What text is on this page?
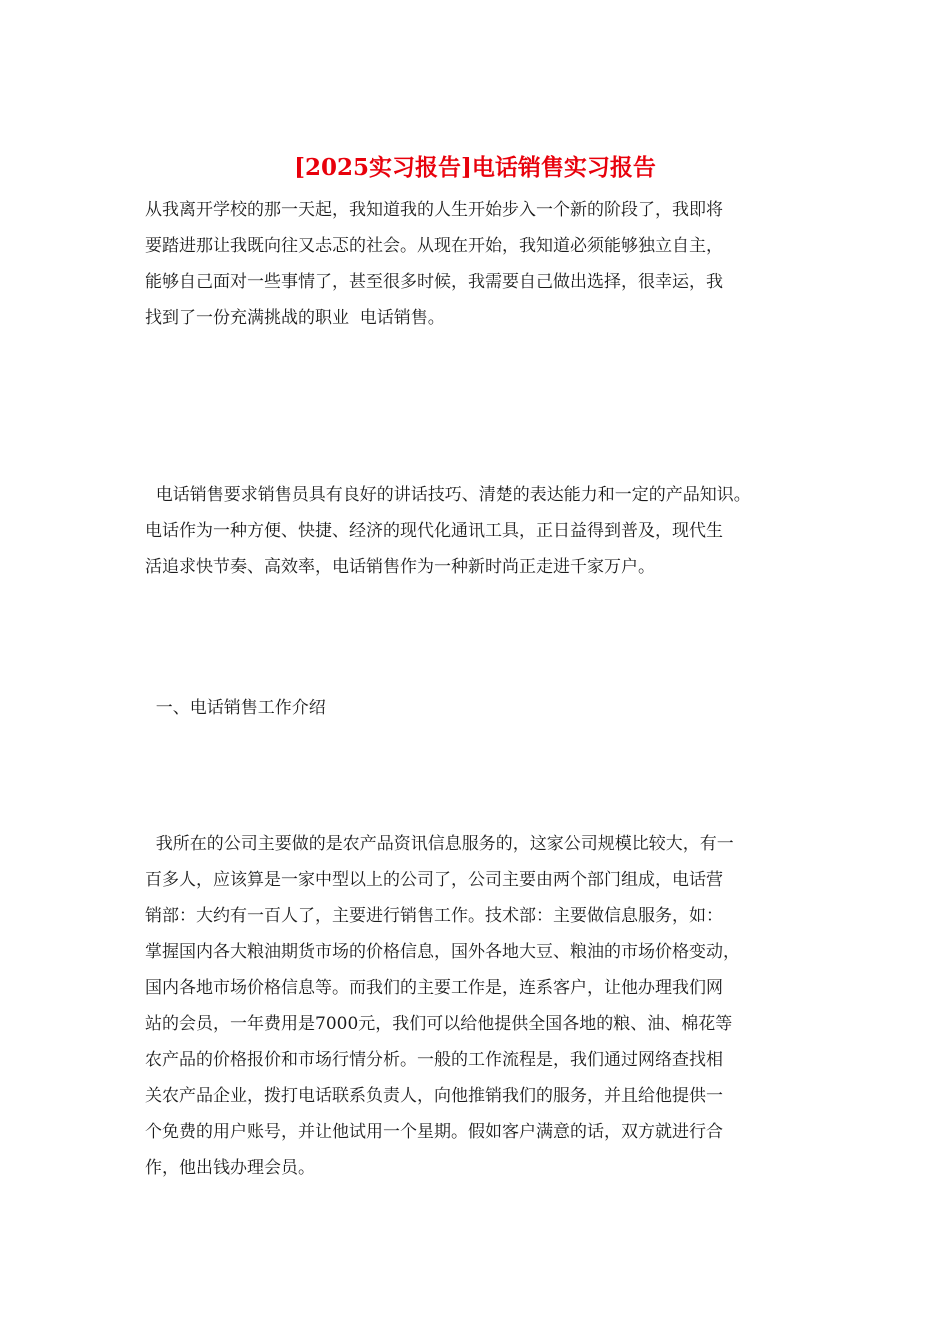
[2025实习报告]电话销售实习报告
从我离开学校的那一天起，我知道我的人生开始步入一个新的阶段了，我即将
要踏进那让我既向往又忐忑的社会。从现在开始，我知道必须能够独立自主，
能够自己面对一些事情了，甚至很多时候，我需要自己做出选择，很幸运，我
找到了一份充满挑战的职业  电话销售。
电话销售要求销售员具有良好的讲话技巧、清楚的表达能力和一定的产品知识。
电话作为一种方便、快捷、经济的现代化通讯工具，正日益得到普及，现代生
活追求快节奏、高效率，电话销售作为一种新时尚正走进千家万户。
一、电话销售工作介绍
我所在的公司主要做的是农产品资讯信息服务的，这家公司规模比较大，有一
百多人，应该算是一家中型以上的公司了，公司主要由两个部门组成，电话营
销部：大约有一百人了，主要进行销售工作。技术部：主要做信息服务，如：
掌握国内各大粮油期货市场的价格信息，国外各地大豆、粮油的市场价格变动，
国内各地市场价格信息等。而我们的主要工作是，连系客户，让他办理我们网
站的会员，一年费用是7000元，我们可以给他提供全国各地的粮、油、棉花等
农产品的价格报价和市场行情分析。一般的工作流程是，我们通过网络查找相
关农产品企业，拨打电话联系负责人，向他推销我们的服务，并且给他提供一
个免费的用户账号，并让他试用一个星期。假如客户满意的话，双方就进行合
作，他出钱办理会员。
